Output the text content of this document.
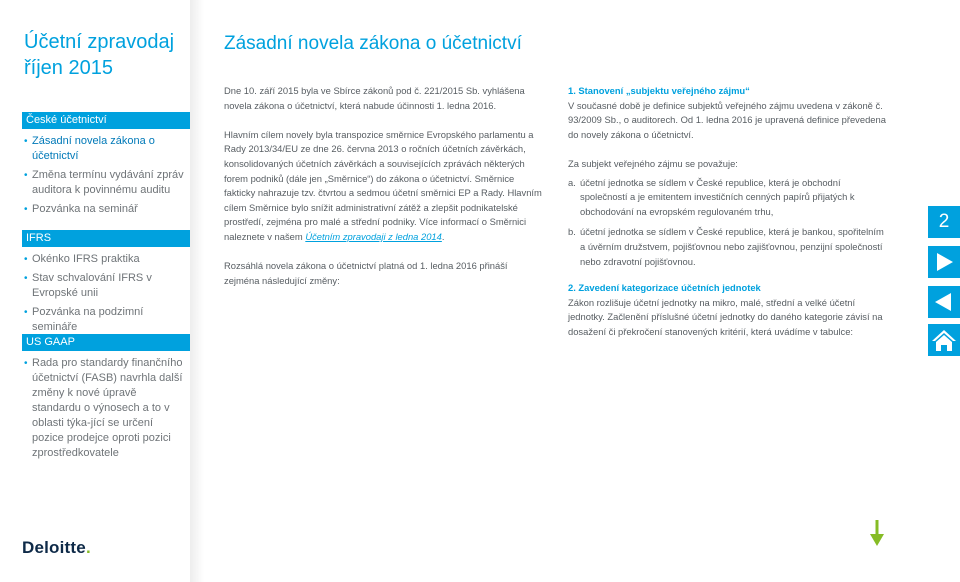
Účetní zpravodaj
říjen 2015
České účetnictví
• Zásadní novela zákona o účetnictví
• Změna termínu vydávání zpráv auditora k povinnému auditu
• Pozvánka na seminář
IFRS
• Okénko IFRS praktika
• Stav schvalování IFRS v Evropské unii
• Pozvánka na podzimní semináře
US GAAP
• Rada pro standardy finančního účetnictví (FASB) navrhla další změny k nové úpravě standardu o výnosech a to v oblasti týka-jící se určení pozice prodejce oproti pozici zprostředkovatele
Deloitte.
Zásadní novela zákona o účetnictví

Dne 10. září 2015 byla ve Sbírce zákonů pod č. 221/2015 Sb. vyhlášena novela zákona o účetnictví, která nabude účinnosti 1. ledna 2016.

Hlavním cílem novely byla transpozice směrnice Evropského parlamentu a Rady 2013/34/EU ze dne 26. června 2013 o ročních účetních závěrkách, konsolidovaných účetních závěrkách a souvisejících zprávách některých forem podniků (dále jen „Směrnice“) do zákona o účetnictví. Směrnice fakticky nahrazuje tzv. čtvrtou a sedmou účetní směrnici EP a Rady. Hlavním cílem Směrnice bylo snížit administrativní zátěž a zlepšit podnikatelské prostředí, zejména pro malé a střední podniky. Více informací o Směrnici naleznete v našem Účetním zpravodaji z ledna 2014.

Rozsáhlá novela zákona o účetnictví platná od 1. ledna 2016 přináší zejména následující změny:

1. Stanovení „subjektu veřejného zájmu“

V současné době je definice subjektů veřejného zájmu uvedena v zákoně č. 93/2009 Sb., o auditorech. Od 1. ledna 2016 je upravená definice převedena do novely zákona o účetnictví.

Za subjekt veřejného zájmu se považuje:

a. účetní jednotka se sídlem v České republice, která je obchodní společností a je emitentem investičních cenných papírů přijatých k obchodování na evropském regulovaném trhu,
b. účetní jednotka se sídlem v České republice, která je bankou, spořitelním a úvěrním družstvem, pojišťovnou nebo zajišťovnou, penzijní společností nebo zdravotní pojišťovnou.
2. Zavedení kategorizace účetních jednotek

Zákon rozlišuje účetní jednotky na mikro, malé, střední a velké účetní jednotky. Začlenění příslušné účetní jednotky do daného kategorie závisí na dosažení či překročení stanovených kritérií, která uvádíme v tabulce:

2
